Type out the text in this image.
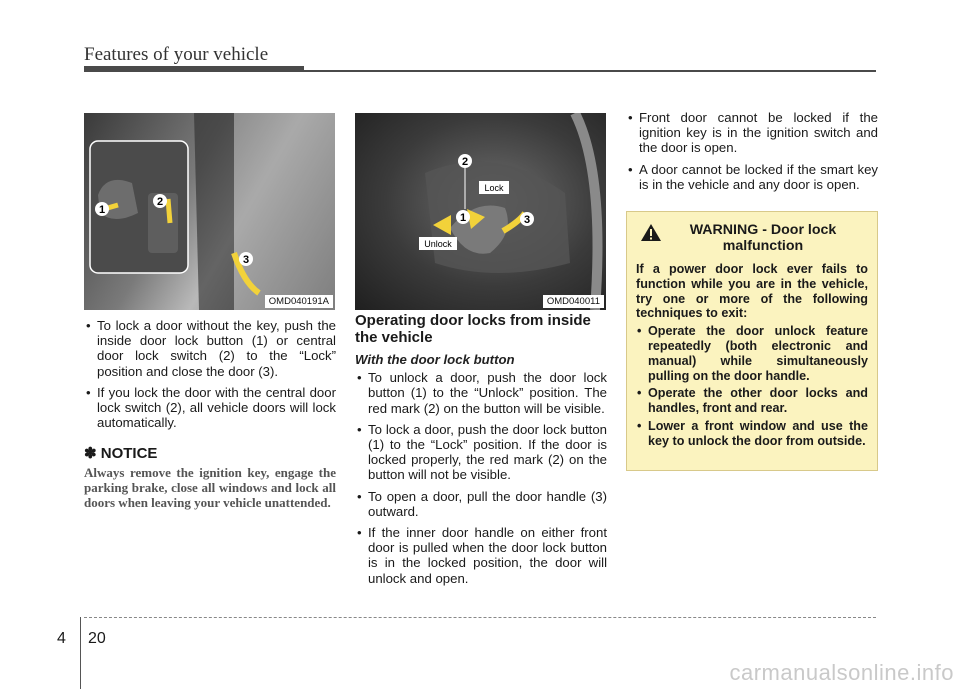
Features of your vehicle
1
2
3
OMD040191A
2
1	3
Lock
Unlock
OMD040011
• To lock a door without the key, push the inside door lock button (1) or central door lock switch (2) to the “Lock” position and close the door (3).
• If you lock the door with the central door lock switch (2), all vehicle doors will lock automatically.
✽ NOTICE
Always remove the ignition key, engage the parking brake, close all windows and lock all doors when leaving your vehicle unattended.
Operating door locks from inside the vehicle
With the door lock button
• To unlock a door, push the door lock button (1) to the “Unlock” position. The red mark (2) on the button will be visible.
• To lock a door, push the door lock button (1) to the “Lock” position. If the door is locked properly, the red mark (2) on the button will not be visible.
• To open a door, pull the door handle (3) outward.
• If the inner door handle on either front door is pulled when the door lock button is in the locked position, the door will unlock and open.
• Front door cannot be locked if the ignition key is in the ignition switch and the door is open.
• A door cannot be locked if the smart key is in the vehicle and any door is open.
WARNING - Door lock malfunction

If a power door lock ever fails to function while you are in the vehicle, try one or more of the following techniques to exit:

• Operate the door unlock feature repeatedly (both electronic and manual) while simultaneously pulling on the door handle.
• Operate the other door locks and handles, front and rear.
• Lower a front window and use the key to unlock the door from outside.
4 20
carmanualsonline.info
